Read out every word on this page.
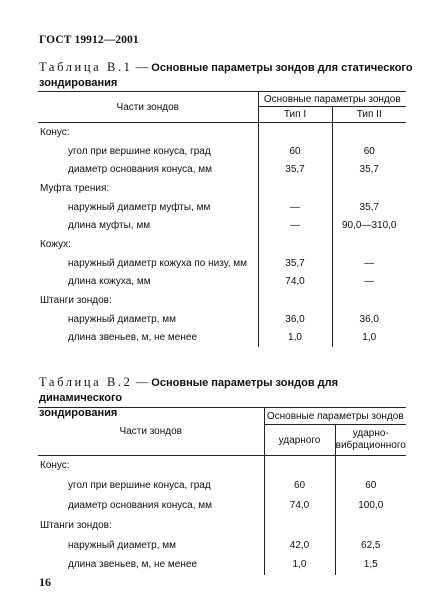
ГОСТ 19912—2001
Таблица В.1 — Основные параметры зондов для статического
зондирования
Части зондов	Основные параметры зондов	
	Тип I	Тип II
Конус:		
угол при вершине конуса, град	60	60
диаметр основания конуса, мм	35,7	35,7
Муфта трения:		
наружный диаметр муфты, мм	—	35,7
длина муфты, мм	—	90,0—310,0
Кожух:		
наружный диаметр кожуха по низу, мм	35,7	—
длина кожуха, мм	74,0	—
Штанги зондов:		
наружный диаметр, мм	36,0	36,0
длина звеньев, м, не менее	1,0	1,0
Таблица В.2 — Основные параметры зондов для динамического
зондирования
Части зондов	Основные параметры зондов	
	ударного	ударно-
вибрационного
Конус:		
угол при вершине конуса, град	60	60
диаметр основания конуса, мм	74,0	100,0
Штанги зондов:		
наружный диаметр, мм	42,0	62,5
длина звеньев, м, не менее	1,0	1,5
16
